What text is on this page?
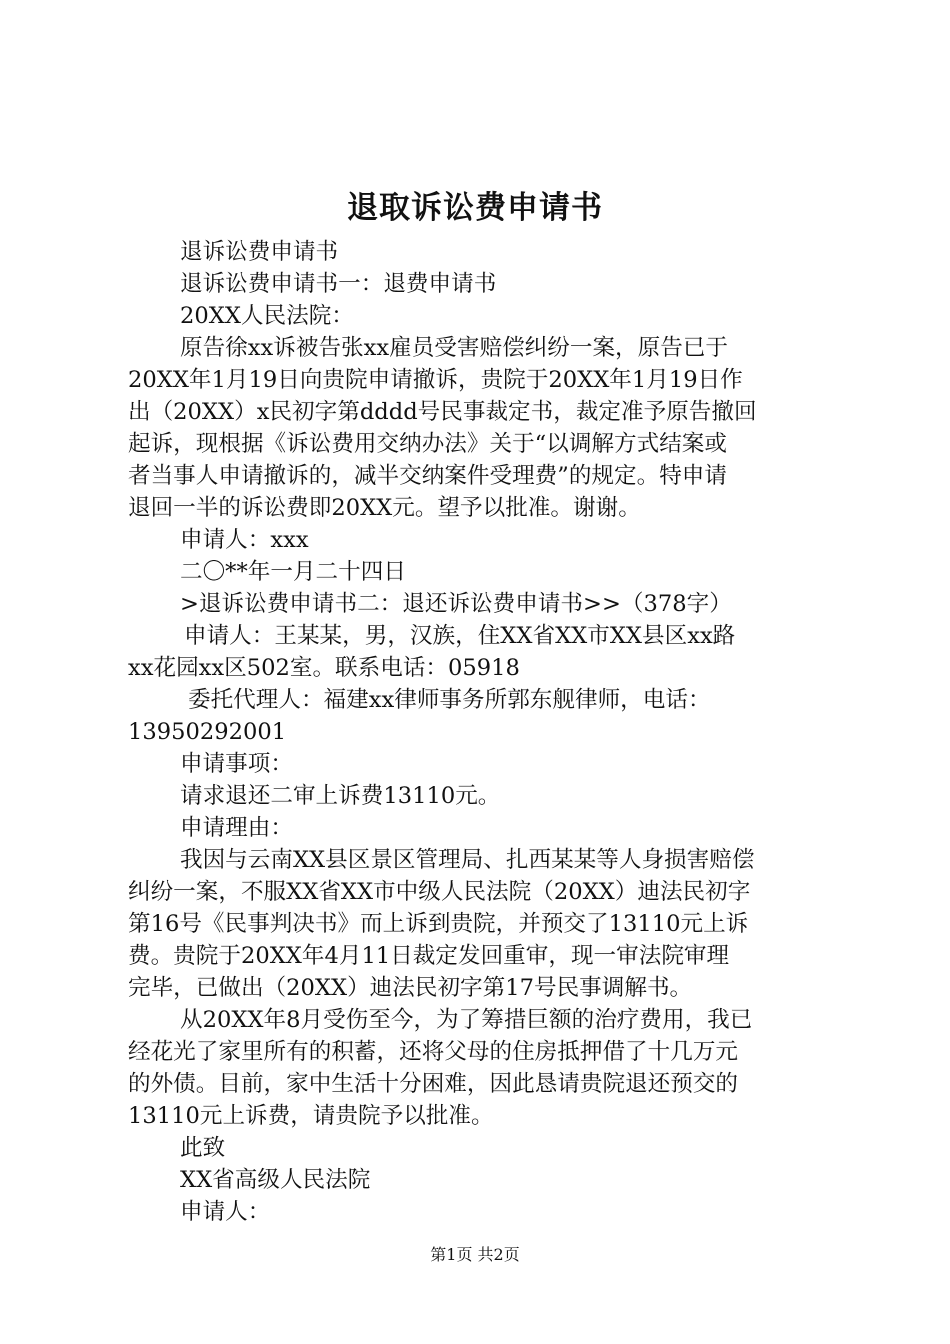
退取诉讼费申请书
退诉讼费申请书
退诉讼费申请书一：退费申请书
20XX人民法院：
原告徐xx诉被告张xx雇员受害赔偿纠纷一案，原告已于
20XX年1月19日向贵院申请撤诉，贵院于20XX年1月19日作
出（20XX）x民初字第dddd号民事裁定书，裁定准予原告撤回
起诉，现根据《诉讼费用交纳办法》关于“以调解方式结案或
者当事人申请撤诉的，减半交纳案件受理费”的规定。特申请
退回一半的诉讼费即20XX元。望予以批准。谢谢。
申请人：xxx
二〇**年一月二十四日
>退诉讼费申请书二：退还诉讼费申请书>>（378字）
申请人：王某某，男，汉族，住XX省XX市XX县区xx路
xx花园xx区502室。联系电话：05918
委托代理人：福建xx律师事务所郭东舰律师，电话：
13950292001
申请事项：
请求退还二审上诉费13110元。
申请理由：
我因与云南XX县区景区管理局、扎西某某等人身损害赔偿
纠纷一案，不服XX省XX市中级人民法院（20XX）迪法民初字
第16号《民事判决书》而上诉到贵院，并预交了13110元上诉
费。贵院于20XX年4月11日裁定发回重审，现一审法院审理
完毕，已做出（20XX）迪法民初字第17号民事调解书。
从20XX年8月受伤至今，为了筹措巨额的治疗费用，我已
经花光了家里所有的积蓄，还将父母的住房抵押借了十几万元
的外债。目前，家中生活十分困难，因此恳请贵院退还预交的
13110元上诉费，请贵院予以批准。
此致
XX省高级人民法院
申请人：
第1页 共2页
